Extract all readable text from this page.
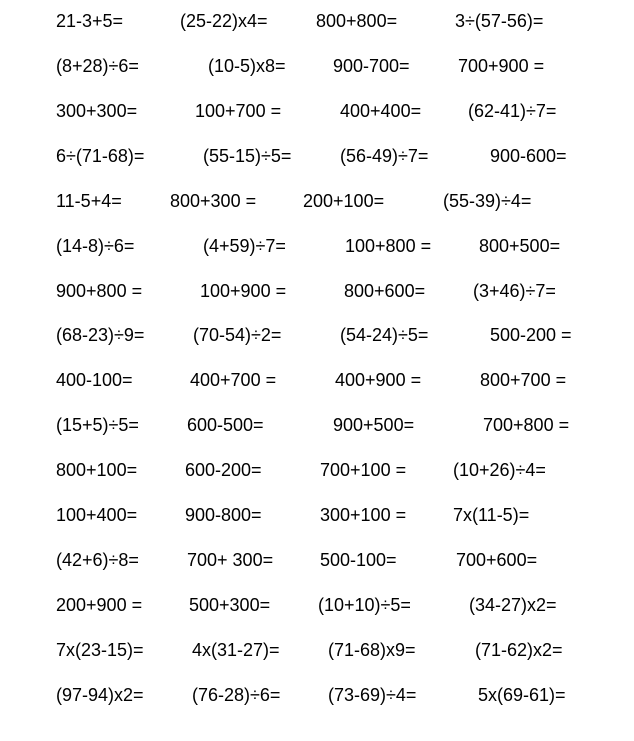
21-3+5=	(25-22)x4=	800+800=	3÷(57-56)=
(8+28)÷6=	(10-5)x8=	900-700=	700+900 =
300+300=	100+700 =	400+400=	(62-41)÷7=
6÷(71-68)=	(55-15)÷5=	(56-49)÷7=	900-600=
11-5+4=	800+300 =	200+100=	(55-39)÷4=
(14-8)÷6=	(4+59)÷7=	100+800 =	800+500=
900+800 =	100+900 =	800+600=	(3+46)÷7=
(68-23)÷9=	(70-54)÷2=	(54-24)÷5=	500-200 =
400-100=	400+700 =	400+900 =	800+700 =
(15+5)÷5=	600-500=	900+500=	700+800 =
800+100=	600-200=	700+100 =	(10+26)÷4=
100+400=	900-800=	300+100 =	7x(11-5)=
(42+6)÷8=	700+ 300=	500-100=	700+600=
200+900 =	500+300=	(10+10)÷5=	(34-27)x2=
7x(23-15)=	4x(31-27)=	(71-68)x9=	(71-62)x2=
(97-94)x2=	(76-28)÷6=	(73-69)÷4=	5x(69-61)=
